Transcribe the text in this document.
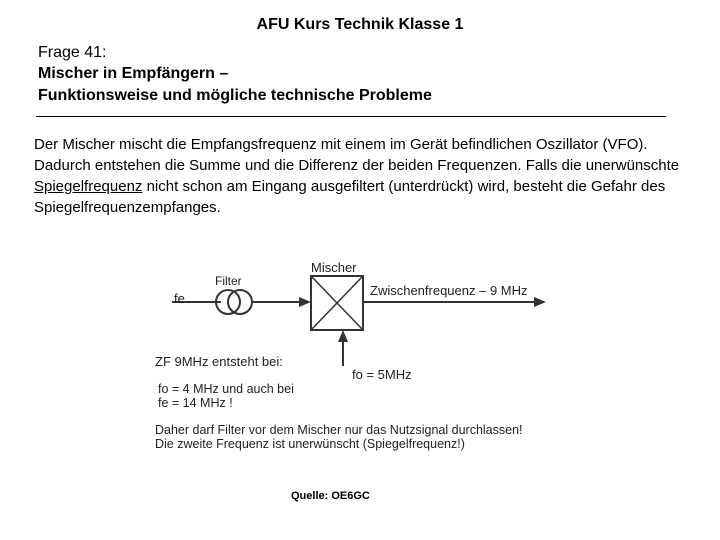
AFU Kurs Technik Klasse 1
Frage 41:
Mischer in Empfängern –
Funktionsweise und mögliche technische Probleme
Der Mischer mischt die Empfangsfrequenz mit einem im Gerät befindlichen Oszillator (VFO). Dadurch entstehen die Summe und die Differenz der beiden Frequenzen. Falls die unerwünschte Spiegelfrequenz nicht schon am Eingang ausgefiltert (unterdrückt) wird, besteht die Gefahr des Spiegelfrequenzempfanges.
Mischer
Filter
fe
Zwischenfrequenz – 9 MHz
fo = 5MHz
ZF 9MHz entsteht bei:
fo = 4 MHz und auch bei
fe = 14 MHz !
Daher darf Filter vor dem Mischer nur das Nutzsignal durchlassen!
Die zweite Frequenz ist unerwünscht (Spiegelfrequenz!)
Quelle: OE6GC
